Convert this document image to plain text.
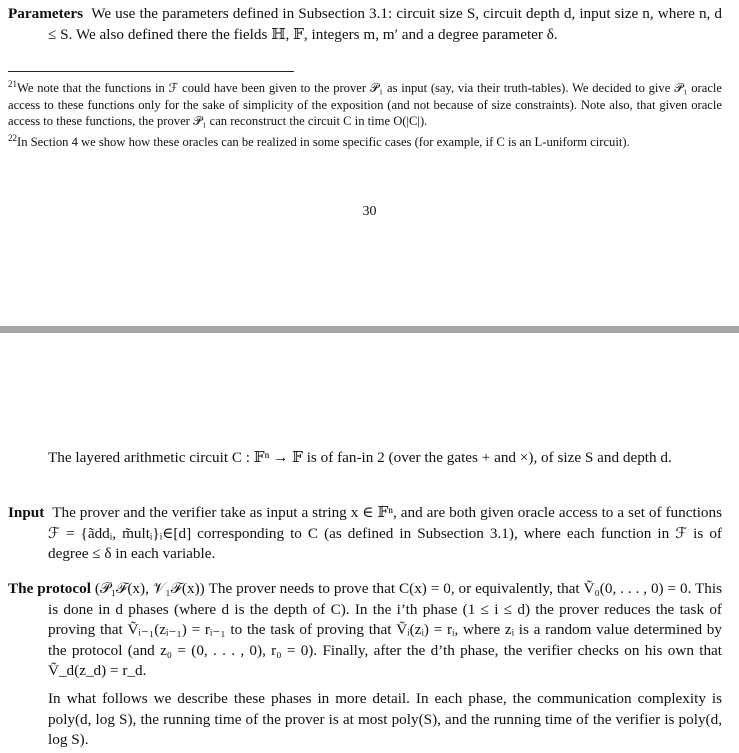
Parameters We use the parameters defined in Subsection 3.1: circuit size S, circuit depth d, input size n, where n, d ≤ S. We also defined there the fields ℍ, 𝔽, integers m, m′ and a degree parameter δ.

$^{21}$We note that the functions in ℱ could have been given to the prover 𝒫₁ as input (say, via their truth-tables). We decided to give 𝒫₁ oracle access to these functions only for the sake of simplicity of the exposition (and not because of size constraints). Note also, that given oracle access to these functions, the prover 𝒫₁ can reconstruct the circuit C in time O(|C|).

$^{22}$In Section 4 we show how these oracles can be realized in some specific cases (for example, if C is an L-uniform circuit).

30

The layered arithmetic circuit C : 𝔽ⁿ → 𝔽 is of fan-in 2 (over the gates + and ×), of size S and depth d.

Input The prover and the verifier take as input a string x ∈ 𝔽ⁿ, and are both given oracle access to a set of functions ℱ = {ãddᵢ, m̃ultᵢ}ᵢ∈[d] corresponding to C (as defined in Subsection 3.1), where each function in ℱ is of degree ≤ δ in each variable.

The protocol (𝒫₁ℱ(x), 𝒱₁ℱ(x)) The prover needs to prove that C(x) = 0, or equivalently, that Ṽ₀(0, . . . , 0) = 0. This is done in d phases (where d is the depth of C). In the i’th phase (1 ≤ i ≤ d) the prover reduces the task of proving that Ṽᵢ₋₁(zᵢ₋₁) = rᵢ₋₁ to the task of proving that Ṽᵢ(zᵢ) = rᵢ, where zᵢ is a random value determined by the protocol (and z₀ = (0, . . . , 0), r₀ = 0). Finally, after the d’th phase, the verifier checks on his own that Ṽ_d(z_d) = r_d.

In what follows we describe these phases in more detail. In each phase, the communication complexity is poly(d, log S), the running time of the prover is at most poly(S), and the running time of the verifier is poly(d, log S).
